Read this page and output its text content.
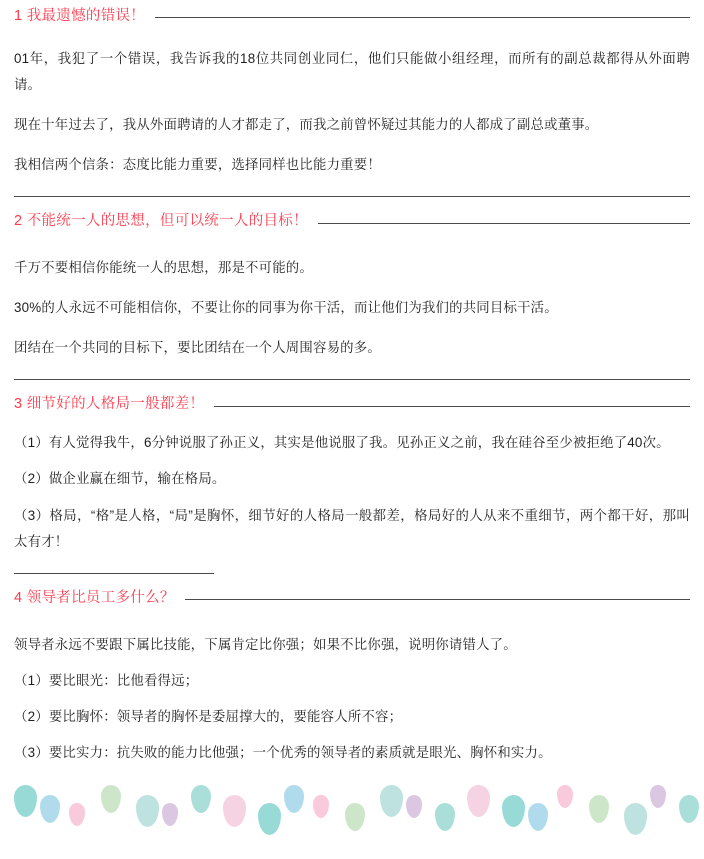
1 我最遗憾的错误！
01年，我犯了一个错误，我告诉我的18位共同创业同仁，他们只能做小组经理，而所有的副总裁都得从外面聘请。
现在十年过去了，我从外面聘请的人才都走了，而我之前曾怀疑过其能力的人都成了副总或董事。
我相信两个信条：态度比能力重要，选择同样也比能力重要！
2 不能统一人的思想，但可以统一人的目标！
千万不要相信你能统一人的思想，那是不可能的。
30%的人永远不可能相信你，不要让你的同事为你干活，而让他们为我们的共同目标干活。
团结在一个共同的目标下，要比团结在一个人周围容易的多。
3 细节好的人格局一般都差！
（1）有人觉得我牛，6分钟说服了孙正义，其实是他说服了我。见孙正义之前，我在硅谷至少被拒绝了40次。
（2）做企业赢在细节，输在格局。
（3）格局，“格”是人格，“局”是胸怀，细节好的人格局一般都差，格局好的人从来不重细节，两个都干好，那叫太有才！
4 领导者比员工多什么？
领导者永远不要跟下属比技能，下属肯定比你强；如果不比你强，说明你请错人了。
（1）要比眼光：比他看得远；
（2）要比胸怀：领导者的胸怀是委屈撑大的，要能容人所不容；
（3）要比实力：抗失败的能力比他强；一个优秀的领导者的素质就是眼光、胸怀和实力。
